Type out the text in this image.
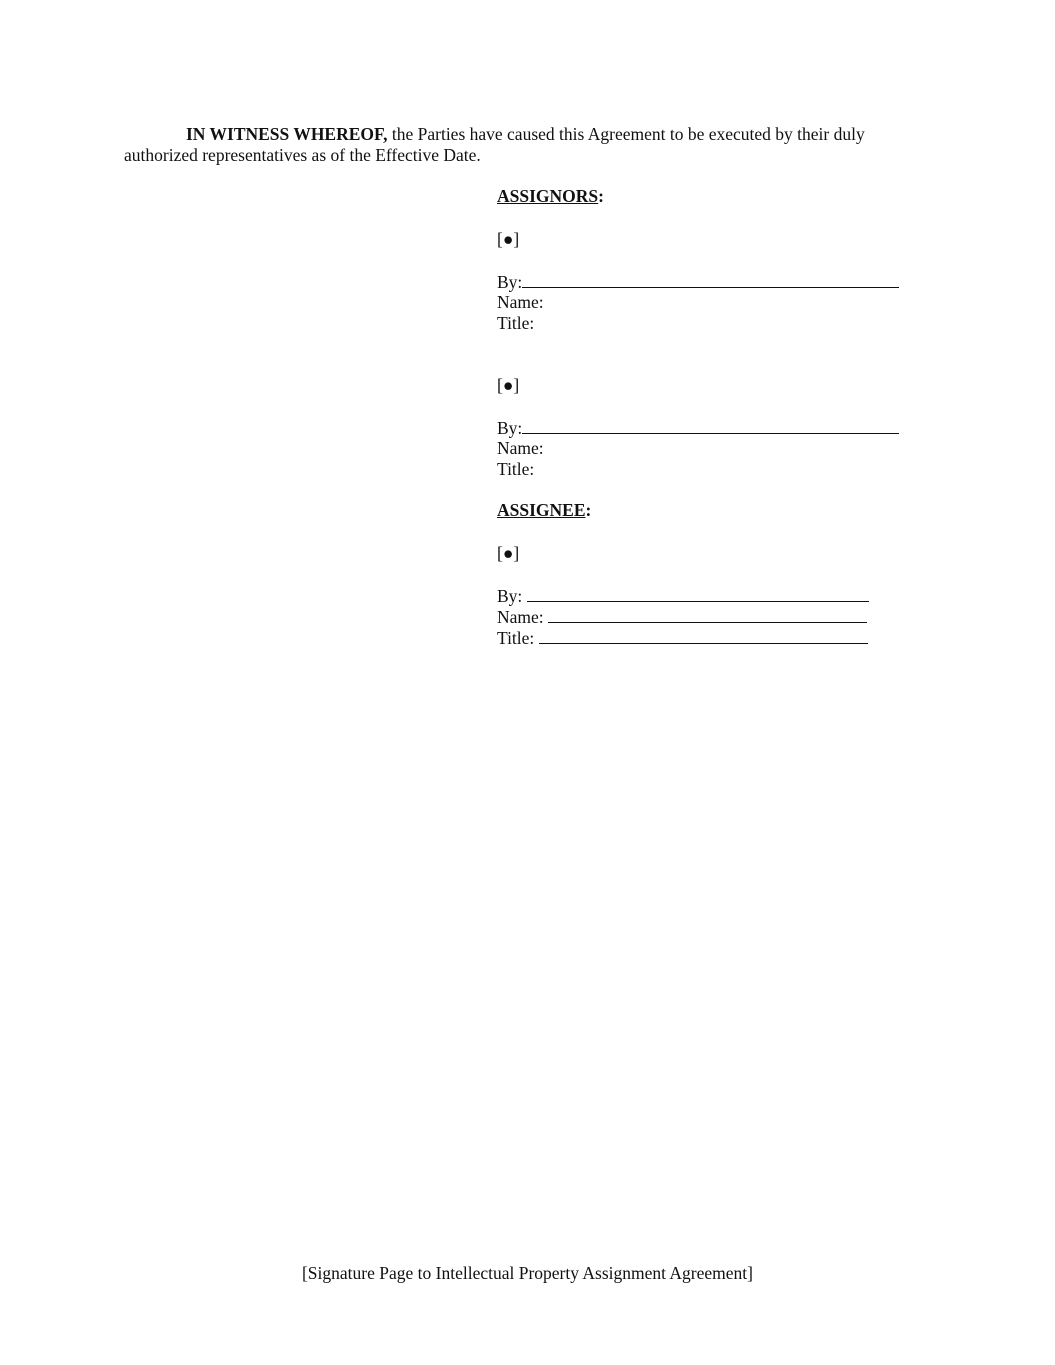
IN WITNESS WHEREOF, the Parties have caused this Agreement to be executed by their duly authorized representatives as of the Effective Date.

ASSIGNORS:
[●]
By:
Name:
Title:
[●]
By:
Name:
Title:
ASSIGNEE:
[●]
By:
Name:
Title:
[Signature Page to Intellectual Property Assignment Agreement]
